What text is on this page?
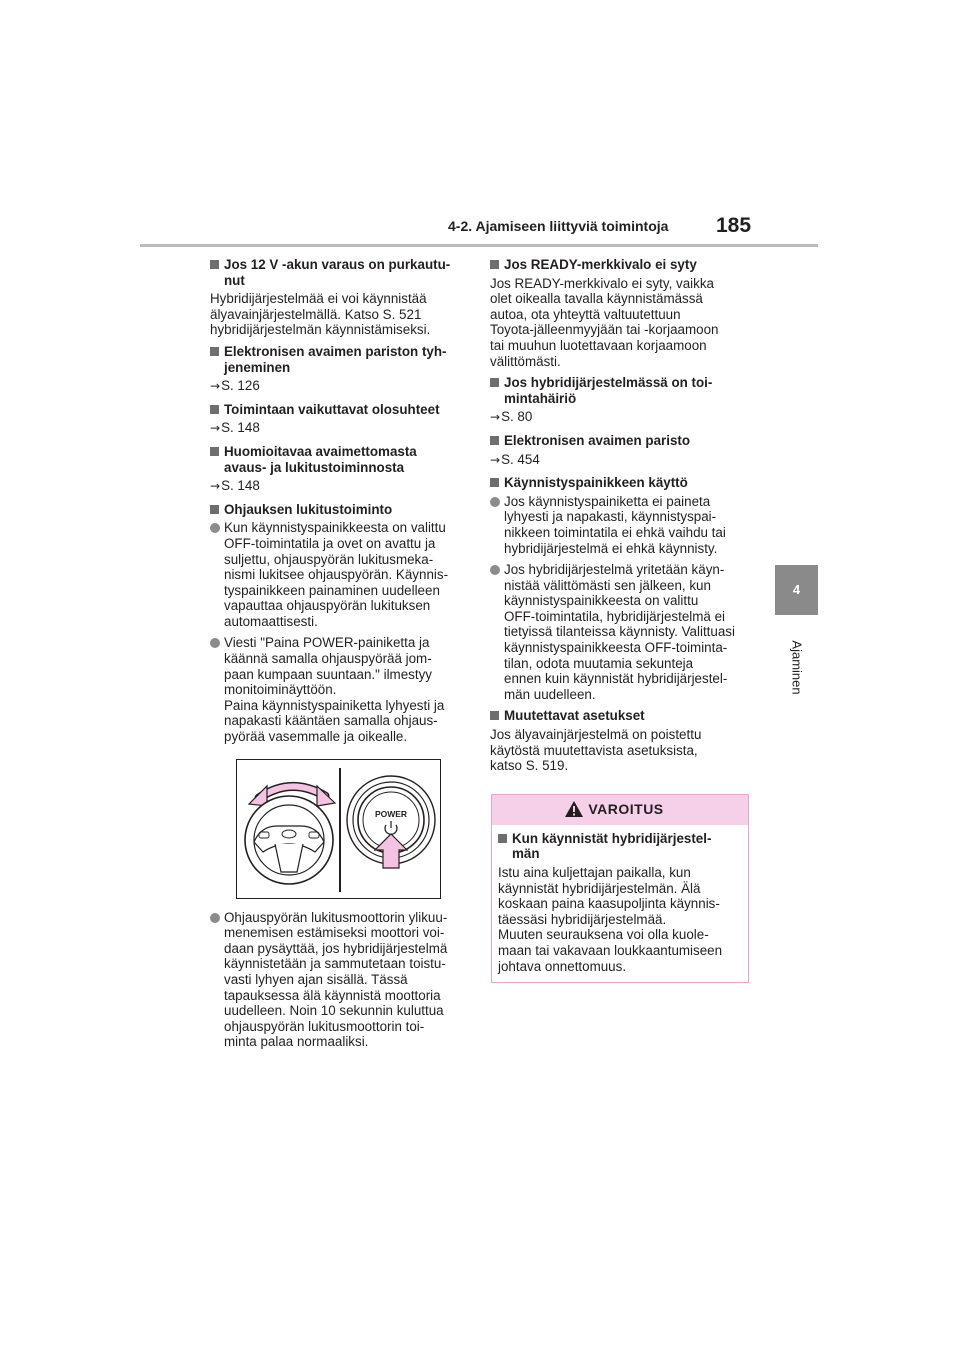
4-2. Ajamiseen liittyviä toimintoja 185
4
Ajaminen
Jos 12 V -akun varaus on purkautu-
nut
Hybridijärjestelmää ei voi käynnistää
älyavainjärjestelmällä. Katso S. 521
hybridijärjestelmän käynnistämiseksi.
Elektronisen avaimen pariston tyh-
jeneminen
→S. 126
Toimintaan vaikuttavat olosuhteet
→S. 148
Huomioitavaa avaimettomasta
avaus- ja lukitustoiminnosta
→S. 148
Ohjauksen lukitustoiminto
Kun käynnistyspainikkeesta on valittu
OFF-toimintatila ja ovet on avattu ja
suljettu, ohjauspyörän lukitusmeka-
nismi lukitsee ohjauspyörän. Käynnis-
tyspainikkeen painaminen uudelleen
vapauttaa ohjauspyörän lukituksen
automaattisesti.
Viesti "Paina POWER-painiketta ja
käännä samalla ohjauspyörää jom-
paan kumpaan suuntaan." ilmestyy
monitoiminäyttöön.
Paina käynnistyspainiketta lyhyesti ja
napakasti kääntäen samalla ohjaus-
pyörää vasemmalle ja oikealle.
POWER
Ohjauspyörän lukitusmoottorin ylikuu-
menemisen estämiseksi moottori voi-
daan pysäyttää, jos hybridijärjestelmä
käynnistetään ja sammutetaan toistu-
vasti lyhyen ajan sisällä. Tässä
tapauksessa älä käynnistä moottoria
uudelleen. Noin 10 sekunnin kuluttua
ohjauspyörän lukitusmoottorin toi-
minta palaa normaaliksi.
Jos READY-merkkivalo ei syty
Jos READY-merkkivalo ei syty, vaikka
olet oikealla tavalla käynnistämässä
autoa, ota yhteyttä valtuutettuun
Toyota-jälleenmyyjään tai -korjaamoon
tai muuhun luotettavaan korjaamoon
välittömästi.
Jos hybridijärjestelmässä on toi-
mintahäiriö
→S. 80
Elektronisen avaimen paristo
→S. 454
Käynnistyspainikkeen käyttö
Jos käynnistyspainiketta ei paineta
lyhyesti ja napakasti, käynnistyspai-
nikkeen toimintatila ei ehkä vaihdu tai
hybridijärjestelmä ei ehkä käynnisty.
Jos hybridijärjestelmä yritetään käyn-
nistää välittömästi sen jälkeen, kun
käynnistyspainikkeesta on valittu
OFF-toimintatila, hybridijärjestelmä ei
tietyissä tilanteissa käynnisty. Valittuasi
käynnistyspainikkeesta OFF-toiminta-
tilan, odota muutamia sekunteja
ennen kuin käynnistät hybridijärjestel-
män uudelleen.
Muutettavat asetukset
Jos älyavainjärjestelmä on poistettu
käytöstä muutettavista asetuksista,
katso S. 519.
VAROITUS
Kun käynnistät hybridijärjestel-
män
Istu aina kuljettajan paikalla, kun
käynnistät hybridijärjestelmän. Älä
koskaan paina kaasupoljinta käynnis-
täessäsi hybridijärjestelmää.
Muuten seurauksena voi olla kuole-
maan tai vakavaan loukkaantumiseen
johtava onnettomuus.
